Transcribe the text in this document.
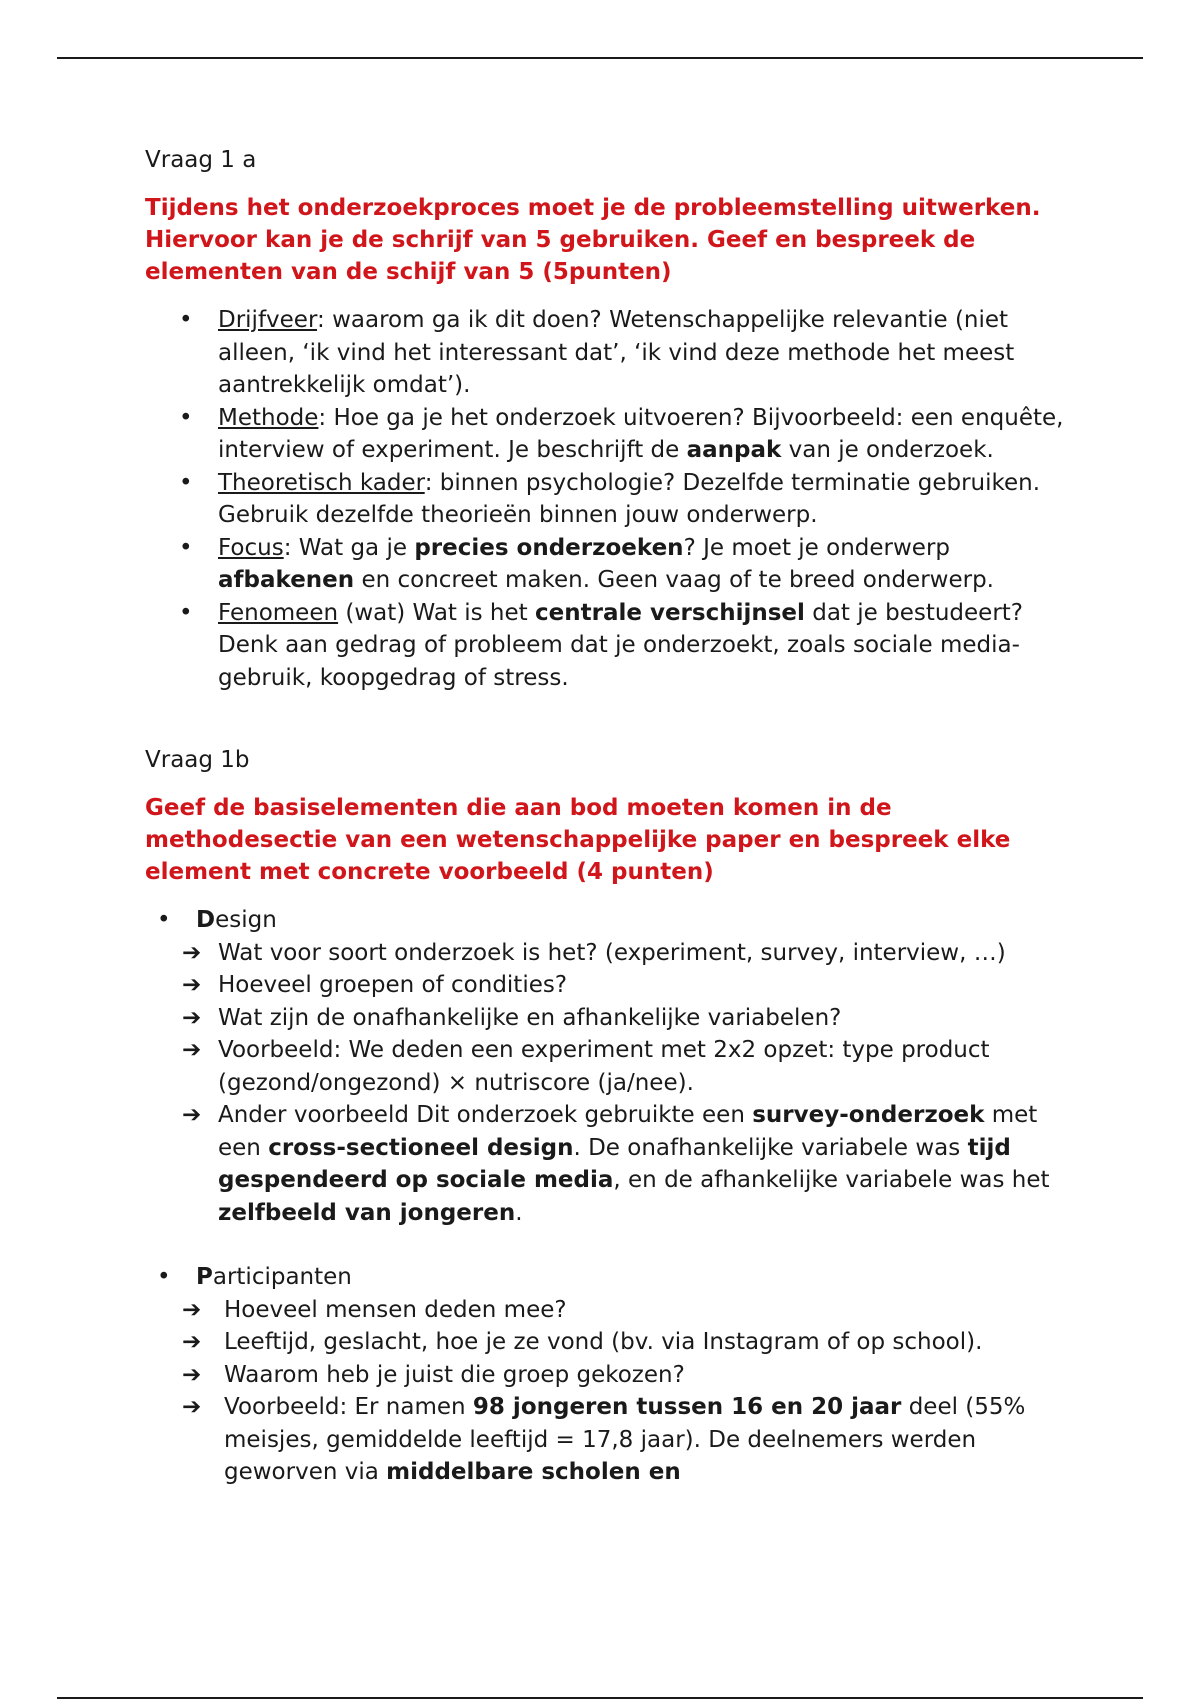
Vraag 1 a

Tijdens het onderzoekproces moet je de probleemstelling uitwerken. Hiervoor kan je de schrijf van 5 gebruiken. Geef en bespreek de elementen van de schijf van 5 (5punten)

• Drijfveer: waarom ga ik dit doen? Wetenschappelijke relevantie (niet alleen, ‘ik vind het interessant dat’, ‘ik vind deze methode het meest aantrekkelijk omdat’).
• Methode: Hoe ga je het onderzoek uitvoeren? Bijvoorbeeld: een enquête, interview of experiment. Je beschrijft de aanpak van je onderzoek.
• Theoretisch kader: binnen psychologie? Dezelfde terminatie gebruiken. Gebruik dezelfde theorieën binnen jouw onderwerp.
• Focus: Wat ga je precies onderzoeken? Je moet je onderwerp afbakenen en concreet maken. Geen vaag of te breed onderwerp.
• Fenomeen (wat) Wat is het centrale verschijnsel dat je bestudeert? Denk aan gedrag of probleem dat je onderzoekt, zoals sociale media-gebruik, koopgedrag of stress.

Vraag 1b

Geef de basiselementen die aan bod moeten komen in de methodesectie van een wetenschappelijke paper en bespreek elke element met concrete voorbeeld (4 punten)

• Design
➔ Wat voor soort onderzoek is het? (experiment, survey, interview, …)
➔ Hoeveel groepen of condities?
➔ Wat zijn de onafhankelijke en afhankelijke variabelen?
➔ Voorbeeld: We deden een experiment met 2x2 opzet: type product (gezond/ongezond) × nutriscore (ja/nee).
➔ Ander voorbeeld Dit onderzoek gebruikte een survey-onderzoek met een cross-sectioneel design. De onafhankelijke variabele was tijd gespendeerd op sociale media, en de afhankelijke variabele was het zelfbeeld van jongeren.
• Participanten
➔ Hoeveel mensen deden mee?
➔ Leeftijd, geslacht, hoe je ze vond (bv. via Instagram of op school).
➔ Waarom heb je juist die groep gekozen?
➔ Voorbeeld: Er namen 98 jongeren tussen 16 en 20 jaar deel (55% meisjes, gemiddelde leeftijd = 17,8 jaar). De deelnemers werden geworven via middelbare scholen en
